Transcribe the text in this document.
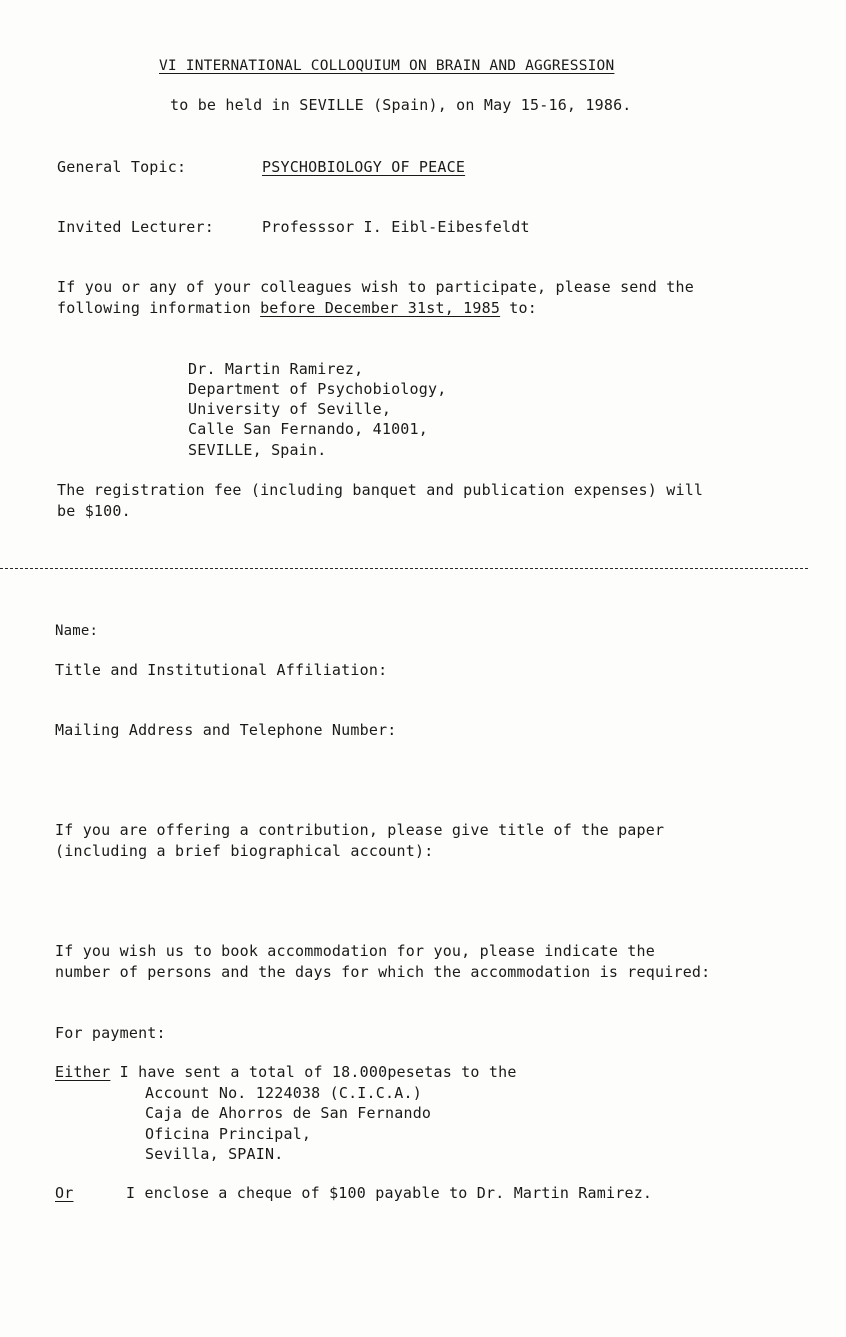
VI INTERNATIONAL COLLOQUIUM ON BRAIN AND AGGRESSION
to be held in SEVILLE (Spain), on May 15-16, 1986.
General Topic:	PSYCHOBIOLOGY OF PEACE
Invited Lecturer:	Professsor I. Eibl-Eibesfeldt
If you or any of your colleagues wish to participate, please send the
following information before December 31st, 1985 to:
Dr. Martin Ramirez,
Department of Psychobiology,
University of Seville,
Calle San Fernando, 41001,
SEVILLE, Spain.
The registration fee (including banquet and publication expenses) will
be $100.
Name:
Title and Institutional Affiliation:
Mailing Address and Telephone Number:
If you are offering a contribution, please give title of the paper
(including a brief biographical account):
If you wish us to book accommodation for you, please indicate the
number of persons and the days for which the accommodation is required:
For payment:
Either I have sent a total of 18.000pesetas to the
Account No. 1224038 (C.I.C.A.)
Caja de Ahorros de San Fernando
Oficina Principal,
Sevilla, SPAIN.
Or	I enclose a cheque of $100 payable to Dr. Martin Ramirez.
